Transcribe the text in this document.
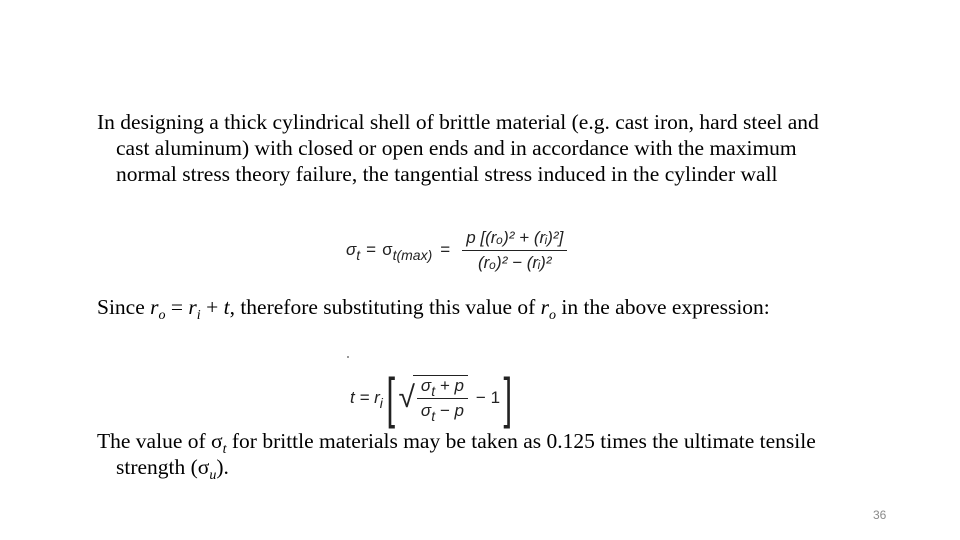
In designing a thick cylindrical shell of brittle material (e.g. cast iron, hard steel and cast aluminum) with closed or open ends and in accordance with the maximum normal stress theory failure, the tangential stress induced in the cylinder wall
$\sigma_t = \sigma_{t(max)} = \frac{\text{p [(rₒ)² + (rᵢ)²]}}{\text{(rₒ)² − (rᵢ)²}}$
Since $r_o = r_i + t$, therefore substituting this value of $r_o$ in the above expression:
$t = r_i$ [ √ $\frac{\sigma_t + p}{\sigma_t - p} - 1$ ]
The value of $\sigma_t$ for brittle materials may be taken as 0.125 times the ultimate tensile strength $(\sigma_u)$.
36
